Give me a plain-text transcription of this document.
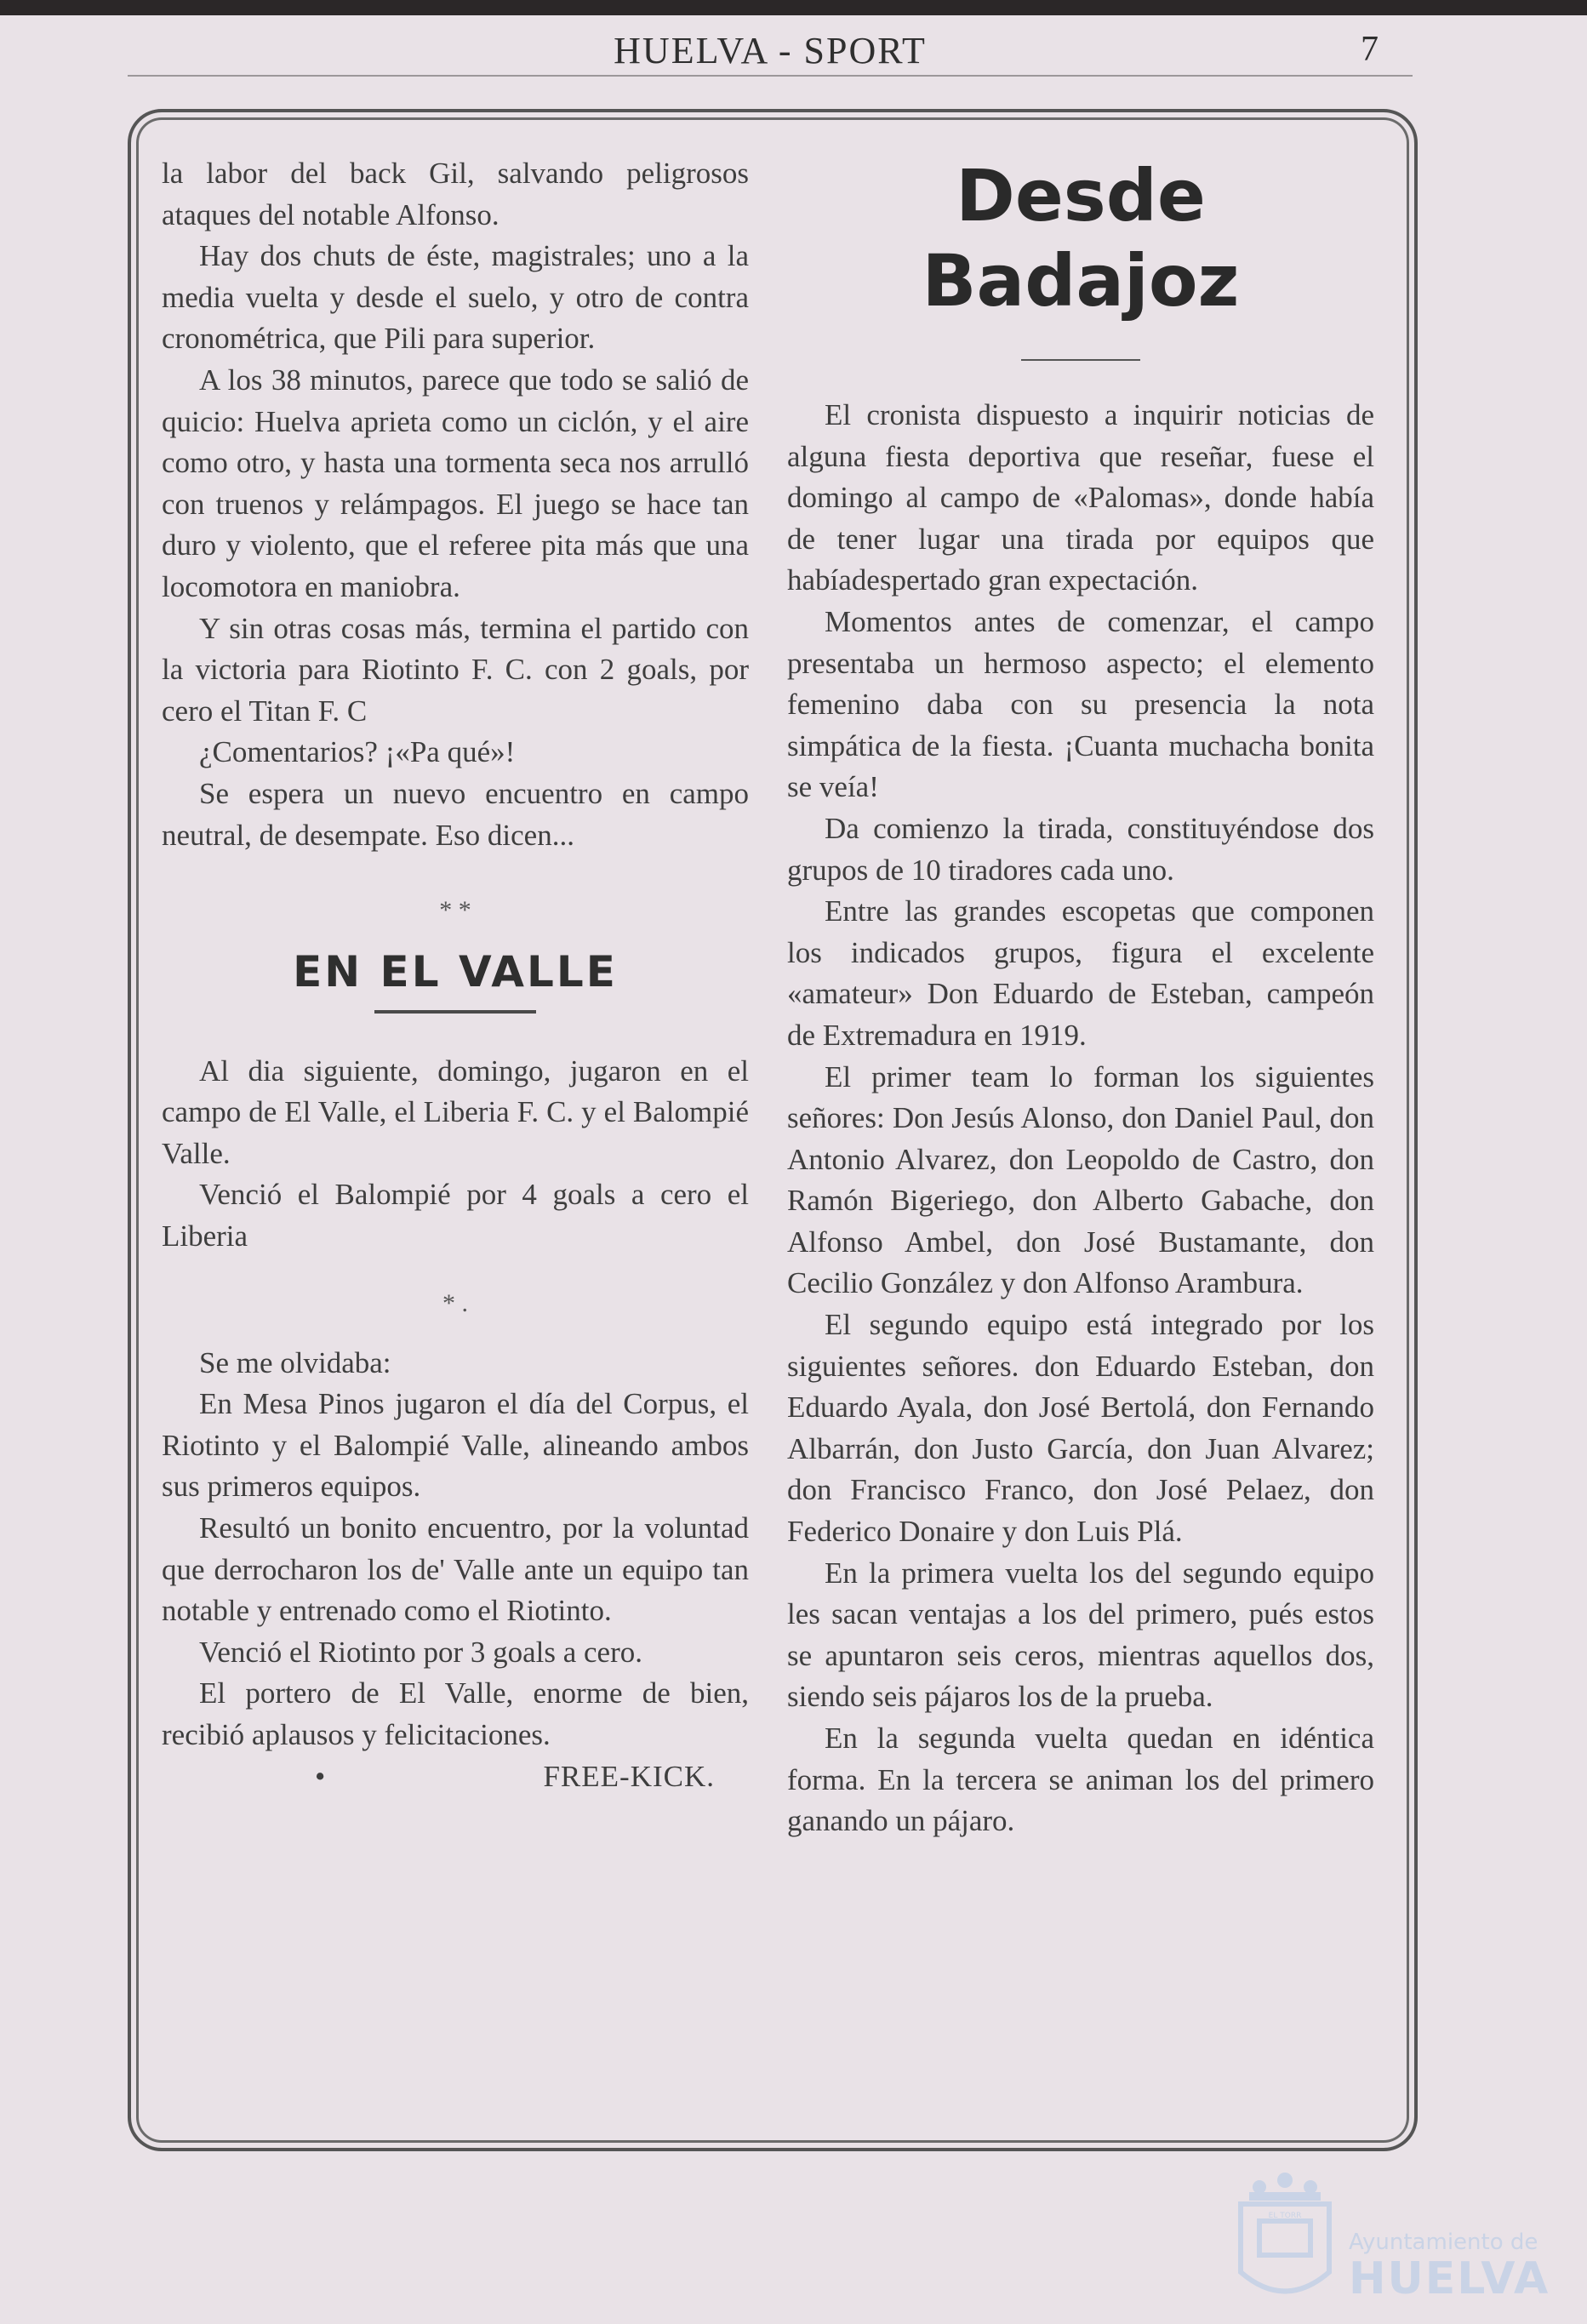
HUELVA - SPORT	7

la labor del back Gil, salvando peligrosos ataques del notable Alfonso.

Hay dos chuts de éste, magistrales; uno a la media vuelta y desde el suelo, y otro de contra cronométrica, que Pili para superior.

A los 38 minutos, parece que todo se salió de quicio: Huelva aprieta como un ciclón, y el aire como otro, y hasta una tormenta seca nos arrulló con truenos y relámpagos. El juego se hace tan duro y violento, que el referee pita más que una locomotora en maniobra.

Y sin otras cosas más, termina el partido con la victoria para Riotinto F. C. con 2 goals, por cero el Titan F. C

¿Comentarios? ¡«Pa qué»!

Se espera un nuevo encuentro en campo neutral, de desempate. Eso dicen...

* *
EN EL VALLE

Al dia siguiente, domingo, jugaron en el campo de El Valle, el Liberia F. C. y el Balompié Valle.

Venció el Balompié por 4 goals a cero el Liberia

* .

Se me olvidaba:

En Mesa Pinos jugaron el día del Corpus, el Riotinto y el Balompié Valle, alineando ambos sus primeros equipos.

Resultó un bonito encuentro, por la voluntad que derrocharon los de' Valle ante un equipo tan notable y entrenado como el Riotinto.

Venció el Riotinto por 3 goals a cero.

El portero de El Valle, enorme de bien, recibió aplausos y felicitaciones.

•	FREE-KICK.
Desde Badajoz

El cronista dispuesto a inquirir noticias de alguna fiesta deportiva que reseñar, fuese el domingo al campo de «Palomas», donde había de tener lugar una tirada por equipos que habíadespertado gran expectación.

Momentos antes de comenzar, el campo presentaba un hermoso aspecto; el elemento femenino daba con su presencia la nota simpática de la fiesta. ¡Cuanta muchacha bonita se veía!

Da comienzo la tirada, constituyéndose dos grupos de 10 tiradores cada uno.

Entre las grandes escopetas que componen los indicados grupos, figura el excelente «amateur» Don Eduardo de Esteban, campeón de Extremadura en 1919.

El primer team lo forman los siguientes señores: Don Jesús Alonso, don Daniel Paul, don Antonio Alvarez, don Leopoldo de Castro, don Ramón Bigeriego, don Alberto Gabache, don Alfonso Ambel, don José Bustamante, don Cecilio González y don Alfonso Arambura.

El segundo equipo está integrado por los siguientes señores. don Eduardo Esteban, don Eduardo Ayala, don José Bertolá, don Fernando Albarrán, don Justo García, don Juan Alvarez; don Francisco Franco, don José Pelaez, don Federico Donaire y don Luis Plá.

En la primera vuelta los del segundo equipo les sacan ventajas a los del primero, pués estos se apuntaron seis ceros, mientras aquellos dos, siendo seis pájaros los de la prueba.

En la segunda vuelta quedan en idéntica forma. En la tercera se animan los del primero ganando un pájaro.

EL TORR
Ayuntamiento de
HUELVA
